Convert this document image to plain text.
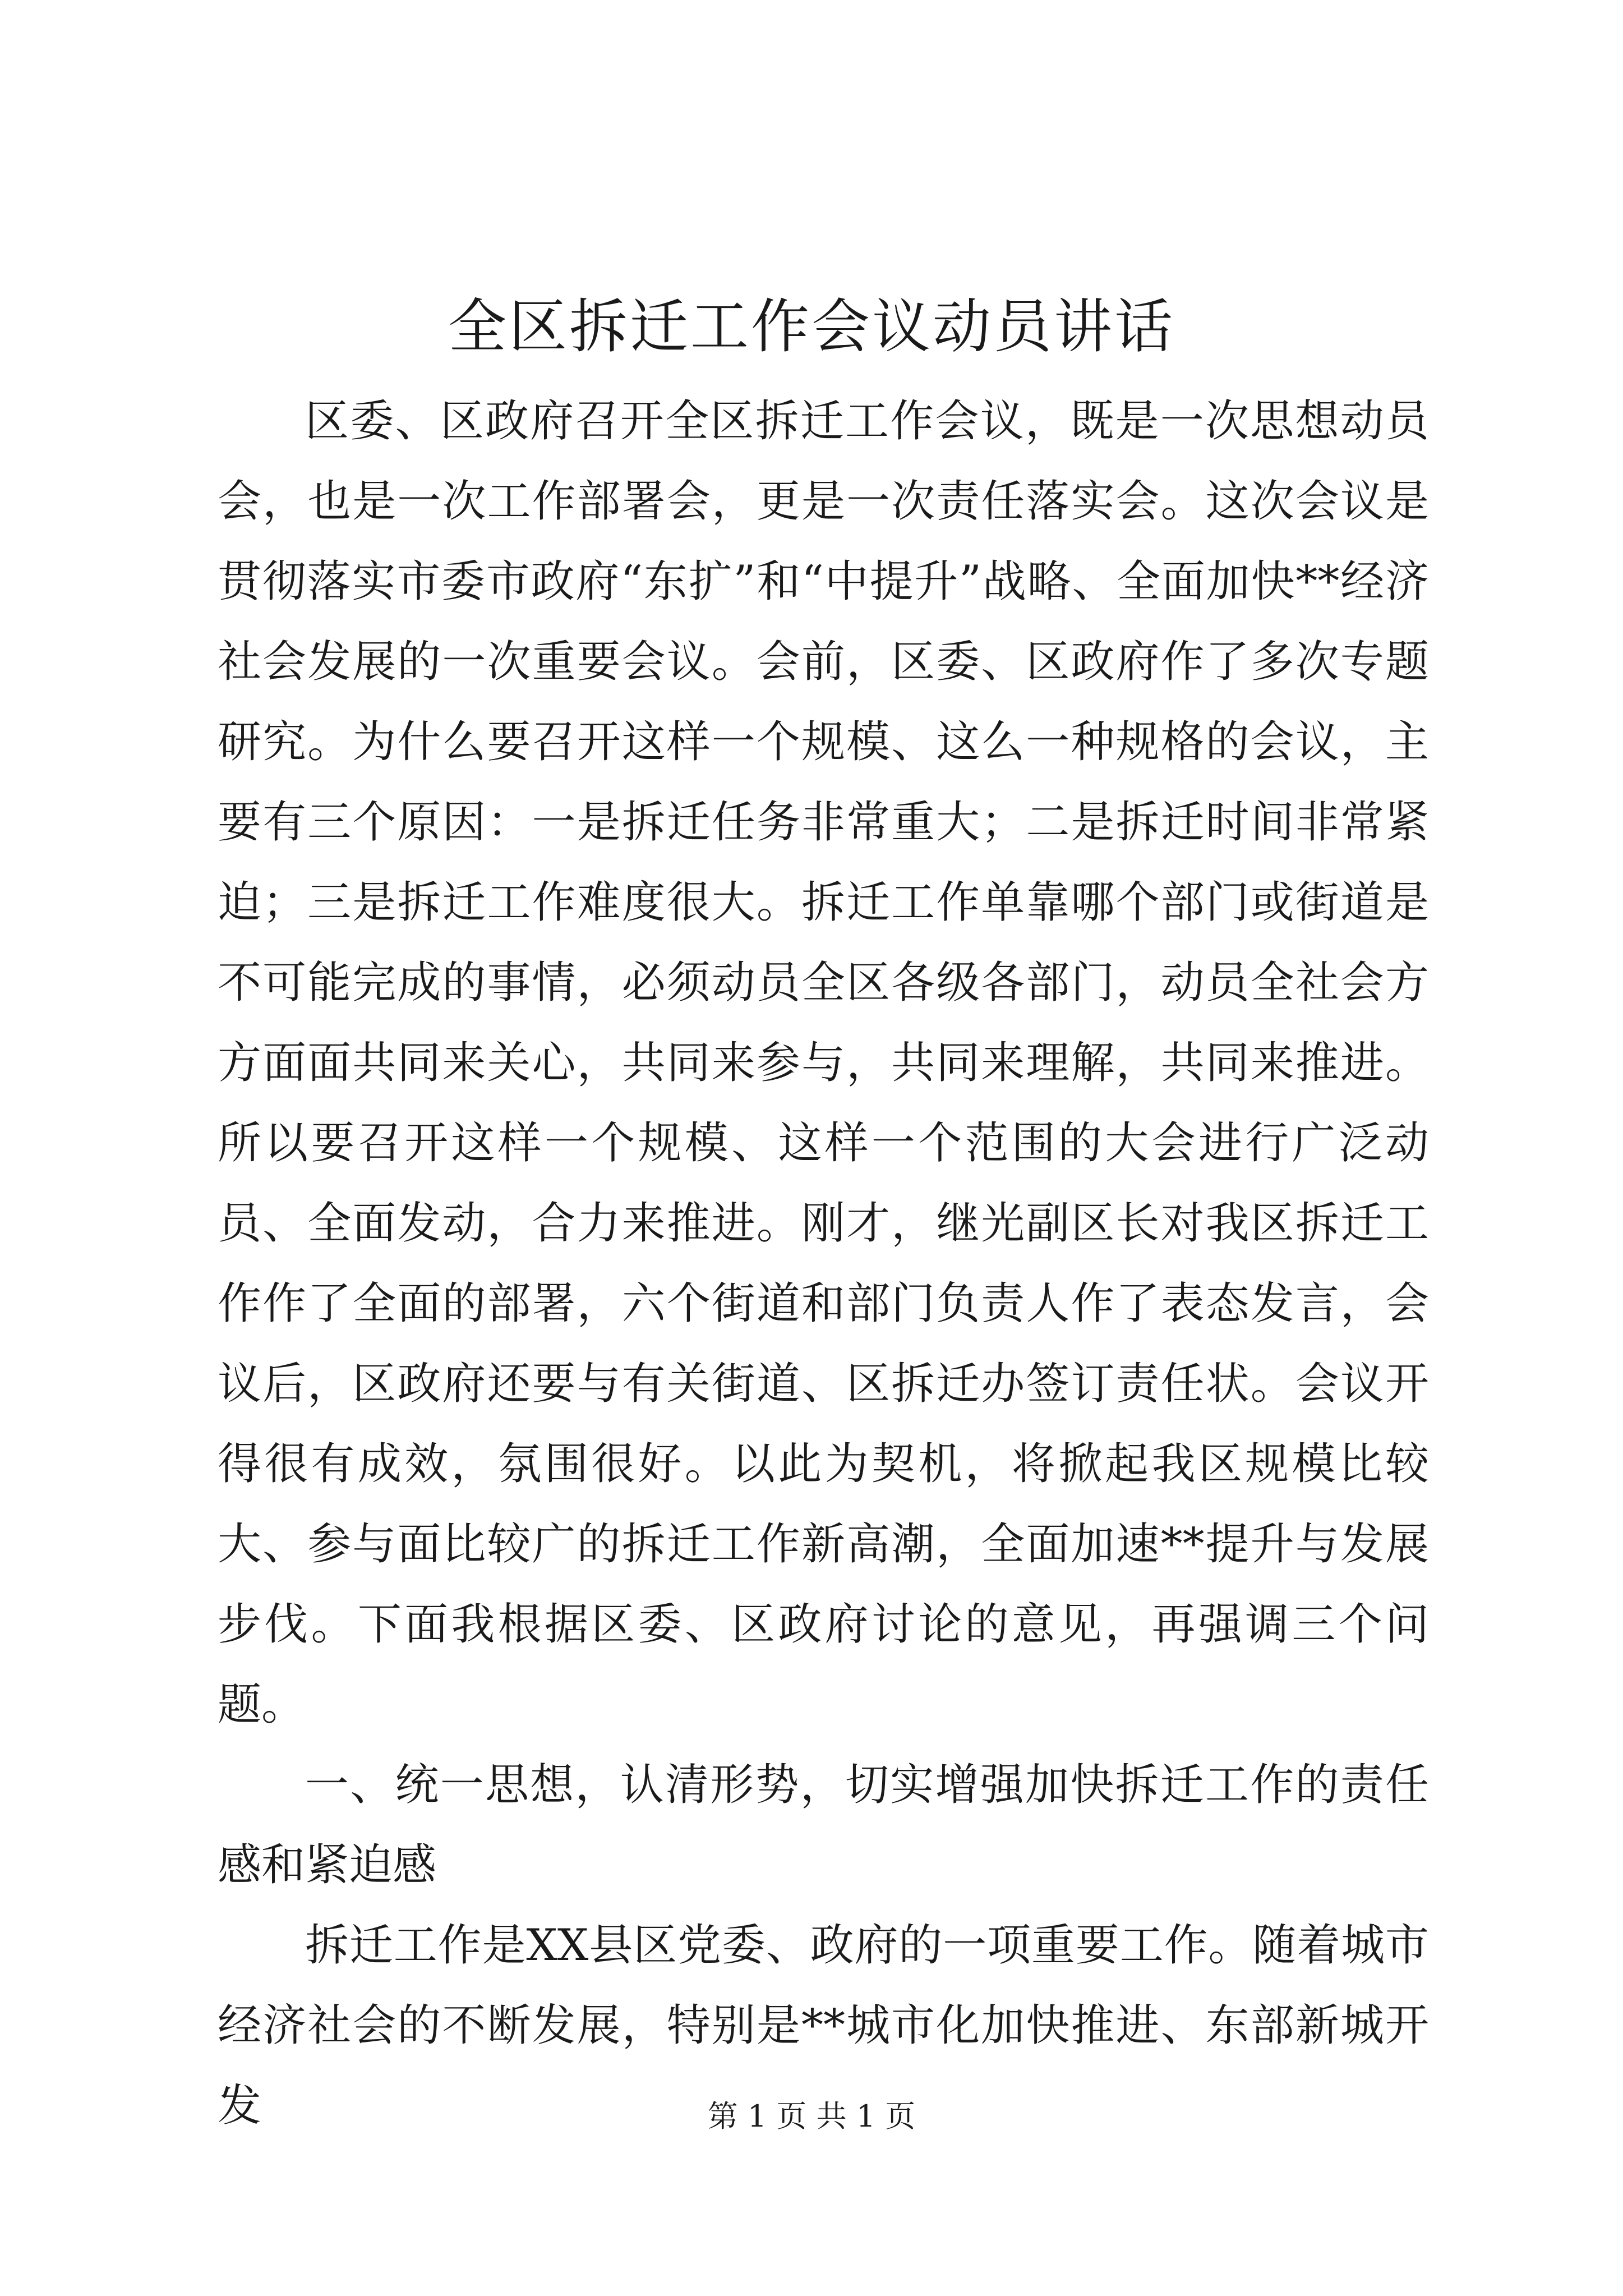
全区拆迁工作会议动员讲话

区委、区政府召开全区拆迁工作会议，既是一次思想动员会，也是一次工作部署会，更是一次责任落实会。这次会议是贯彻落实市委市政府“东扩”和“中提升”战略、全面加快**经济社会发展的一次重要会议。会前，区委、区政府作了多次专题研究。为什么要召开这样一个规模、这么一种规格的会议，主要有三个原因：一是拆迁任务非常重大；二是拆迁时间非常紧迫；三是拆迁工作难度很大。拆迁工作单靠哪个部门或街道是不可能完成的事情，必须动员全区各级各部门，动员全社会方方面面共同来关心，共同来参与，共同来理解，共同来推进。所以要召开这样一个规模、这样一个范围的大会进行广泛动员、全面发动，合力来推进。刚才，继光副区长对我区拆迁工作作了全面的部署，六个街道和部门负责人作了表态发言，会议后，区政府还要与有关街道、区拆迁办签订责任状。会议开得很有成效，氛围很好。以此为契机，将掀起我区规模比较大、参与面比较广的拆迁工作新高潮，全面加速**提升与发展步伐。下面我根据区委、区政府讨论的意见，再强调三个问题。

一、统一思想，认清形势，切实增强加快拆迁工作的责任感和紧迫感

拆迁工作是XX县区党委、政府的一项重要工作。随着城市经济社会的不断发展，特别是**城市化加快推进、东部新城开发	第 1 页 共 1 页
